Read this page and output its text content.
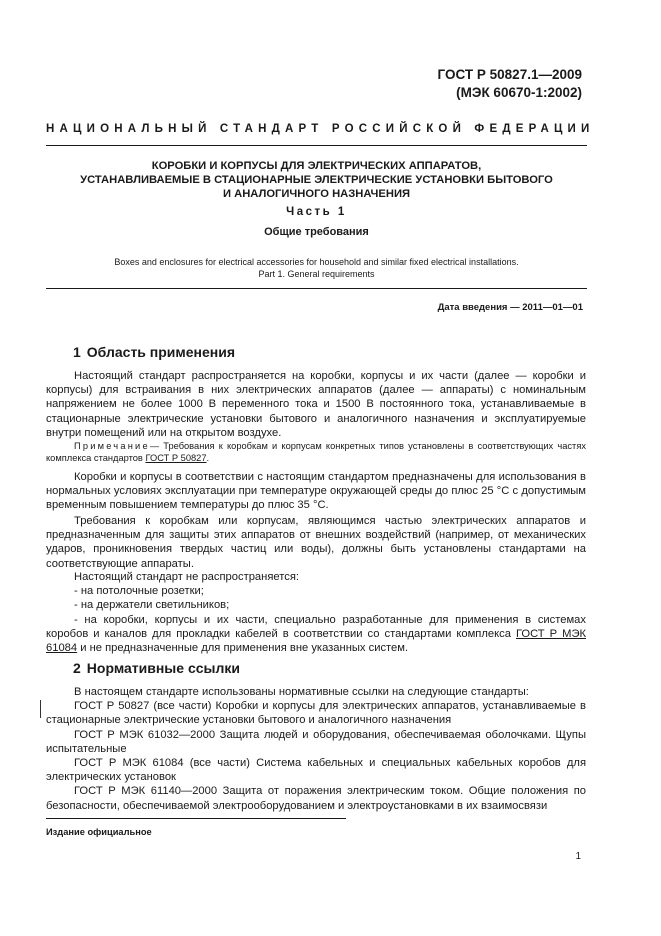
ГОСТ Р 50827.1—2009
(МЭК 60670-1:2002)
НАЦИОНАЛЬНЫЙ СТАНДАРТ РОССИЙСКОЙ ФЕДЕРАЦИИ
КОРОБКИ И КОРПУСЫ ДЛЯ ЭЛЕКТРИЧЕСКИХ АППАРАТОВ,
УСТАНАВЛИВАЕМЫЕ В СТАЦИОНАРНЫЕ ЭЛЕКТРИЧЕСКИЕ УСТАНОВКИ БЫТОВОГО
И АНАЛОГИЧНОГО НАЗНАЧЕНИЯ
Часть 1
Общие требования
Boxes and enclosures for electrical accessories for household and similar fixed electrical installations.
Part 1. General requirements
Дата введения — 2011—01—01
1 Область применения

Настоящий стандарт распространяется на коробки, корпусы и их части (далее — коробки и корпусы) для встраивания в них электрических аппаратов (далее — аппараты) с номинальным напряжением не более 1000 В переменного тока и 1500 В постоянного тока, устанавливаемые в стационарные электрические установки бытового и аналогичного назначения и эксплуатируемые внутри помещений или на открытом воздухе.

Примечание— Требования к коробкам и корпусам конкретных типов установлены в соответствующих частях комплекса стандартов ГОСТ Р 50827.

Коробки и корпусы в соответствии с настоящим стандартом предназначены для использования в нормальных условиях эксплуатации при температуре окружающей среды до плюс 25 °С с допустимым временным повышением температуры до плюс 35 °С.

Требования к коробкам или корпусам, являющимся частью электрических аппаратов и предназначенным для защиты этих аппаратов от внешних воздействий (например, от механических ударов, проникновения твердых частиц или воды), должны быть установлены стандартами на соответствующие аппараты.

Настоящий стандарт не распространяется:

- на потолочные розетки;

- на держатели светильников;

- на коробки, корпусы и их части, специально разработанные для применения в системах коробов и каналов для прокладки кабелей в соответствии со стандартами комплекса ГОСТ Р МЭК 61084 и не предназначенные для применения вне указанных систем.

2 Нормативные ссылки

В настоящем стандарте использованы нормативные ссылки на следующие стандарты:

ГОСТ Р 50827 (все части) Коробки и корпусы для электрических аппаратов, устанавливаемые в стационарные электрические установки бытового и аналогичного назначения

ГОСТ Р МЭК 61032—2000 Защита людей и оборудования, обеспечиваемая оболочками. Щупы испытательные

ГОСТ Р МЭК 61084 (все части) Система кабельных и специальных кабельных коробов для электрических установок

ГОСТ Р МЭК 61140—2000 Защита от поражения электрическим током. Общие положения по безопасности, обеспечиваемой электрооборудованием и электроустановками в их взаимосвязи

Издание официальное
1
